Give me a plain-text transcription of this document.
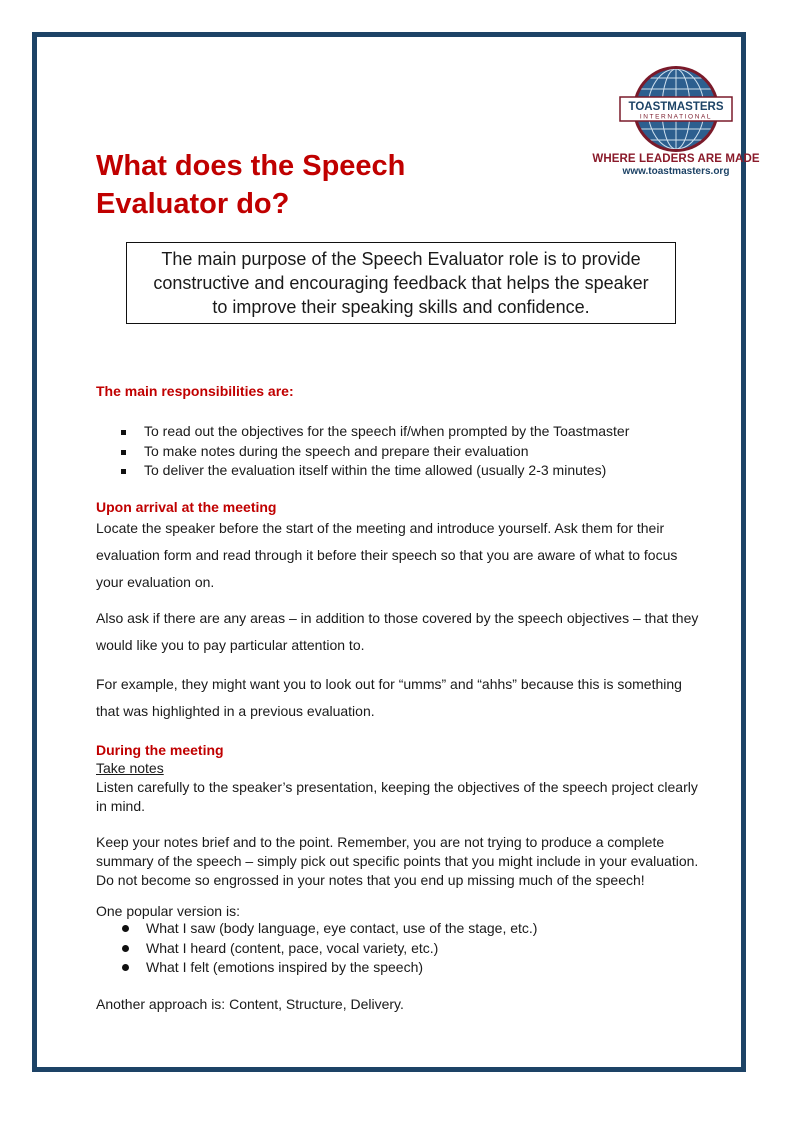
TOASTMASTERS
INTERNATIONAL
WHERE LEADERS ARE MADE
www.toastmasters.org
What does the Speech Evaluator do?
The main purpose of the Speech Evaluator role is to provide constructive and encouraging feedback that helps the speaker to improve their speaking skills and confidence.
The main responsibilities are:
To read out the objectives for the speech if/when prompted by the Toastmaster
To make notes during the speech and prepare their evaluation
To deliver the evaluation itself within the time allowed (usually 2-3 minutes)
Upon arrival at the meeting

Locate the speaker before the start of the meeting and introduce yourself. Ask them for their evaluation form and read through it before their speech so that you are aware of what to focus your evaluation on.

Also ask if there are any areas – in addition to those covered by the speech objectives – that they would like you to pay particular attention to.

For example, they might want you to look out for “umms” and “ahhs” because this is something that was highlighted in a previous evaluation.

During the meeting

Take notes

Listen carefully to the speaker’s presentation, keeping the objectives of the speech project clearly in mind.

Keep your notes brief and to the point. Remember, you are not trying to produce a complete summary of the speech – simply pick out specific points that you might include in your evaluation. Do not become so engrossed in your notes that you end up missing much of the speech!

One popular version is:

What I saw (body language, eye contact, use of the stage, etc.)
What I heard (content, pace, vocal variety, etc.)
What I felt (emotions inspired by the speech)

Another approach is: Content, Structure, Delivery.
